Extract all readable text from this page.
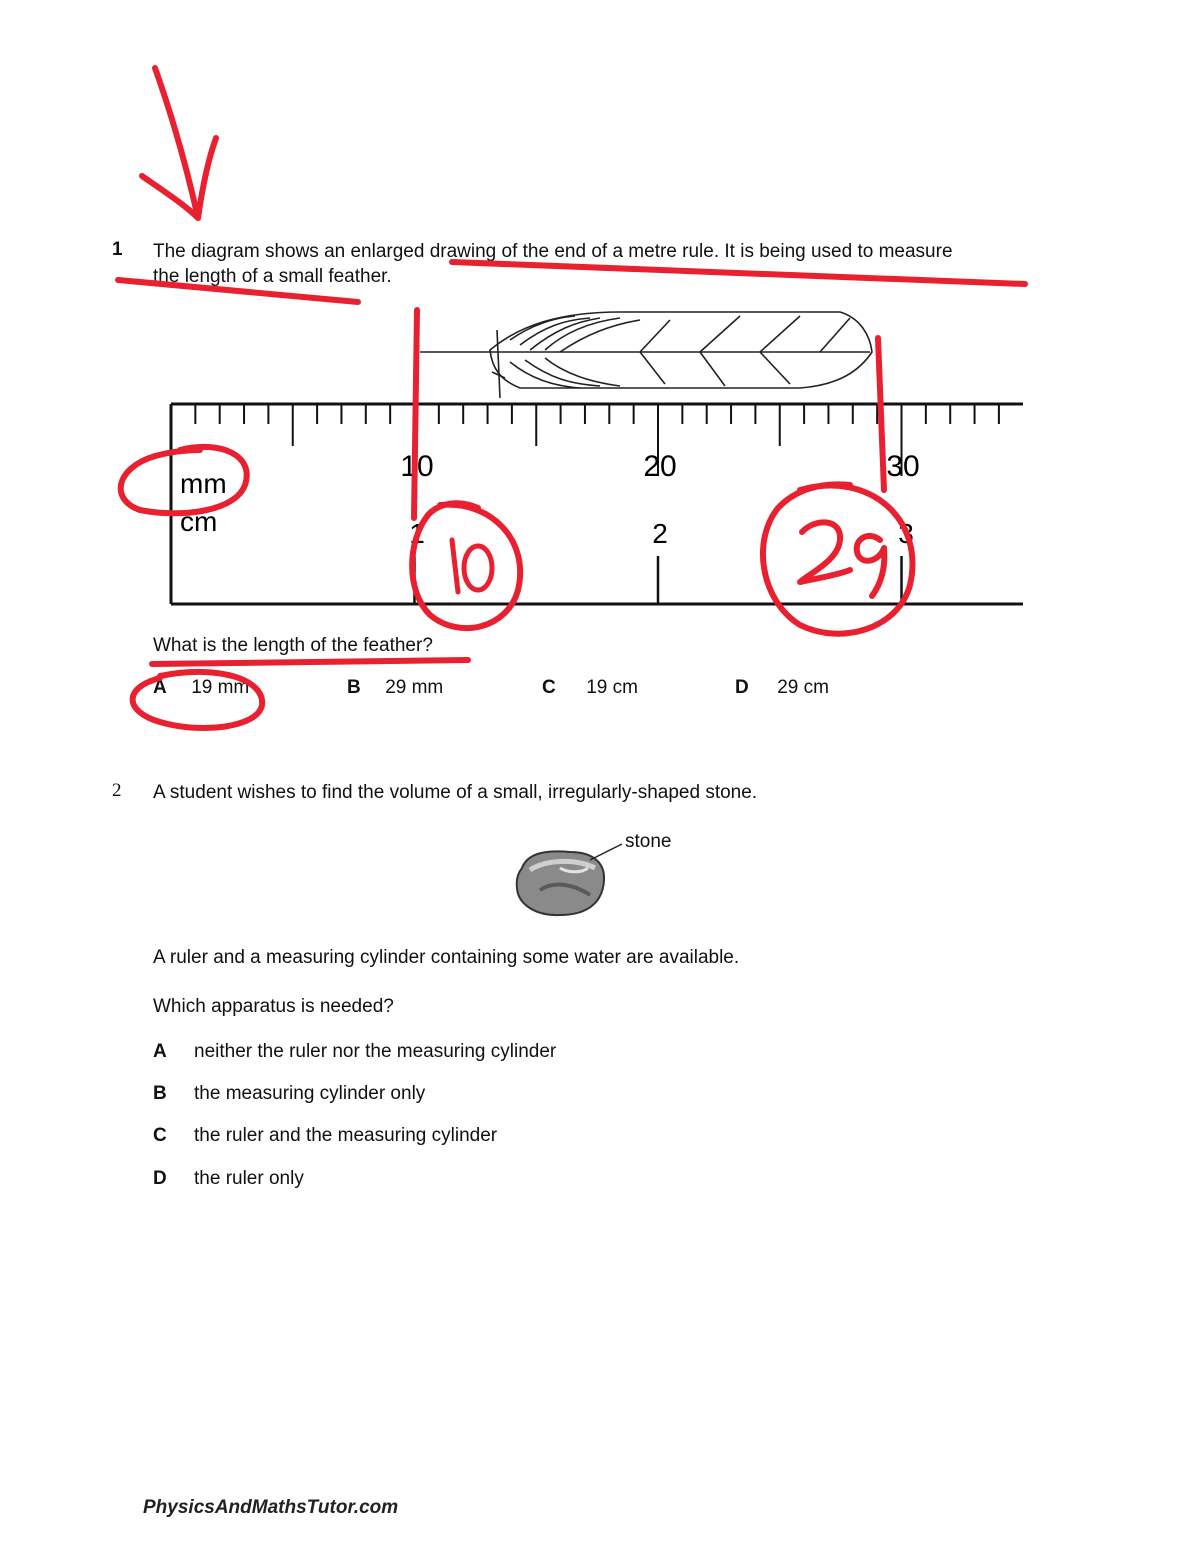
1 The diagram shows an enlarged drawing of the end of a metre rule. It is being used to measure
the length of a small feather.
mm
cm
10	20	30
1	2	3
What is the length of the feather?
A 19 mm	B 29 mm	C 19 cm	D 29 cm
2 A student wishes to find the volume of a small, irregularly-shaped stone.
stone
A ruler and a measuring cylinder containing some water are available.
Which apparatus is needed?
A neither the ruler nor the measuring cylinder
B the measuring cylinder only
C the ruler and the measuring cylinder
D the ruler only
PhysicsAndMathsTutor.com
10	29
